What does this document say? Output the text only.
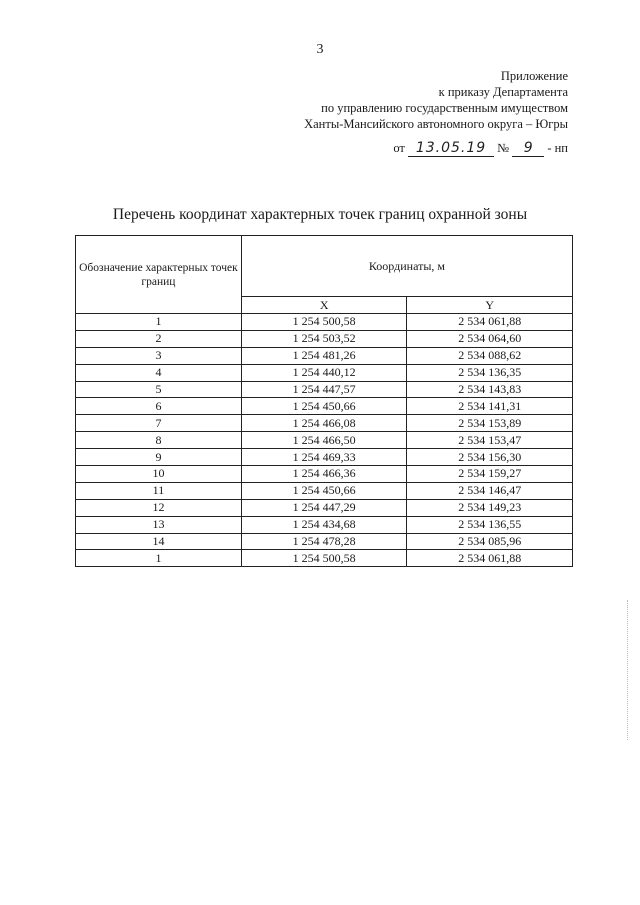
3
Приложение
к приказу Департамента
по управлению государственным имуществом
Ханты-Мансийского автономного округа – Югры
от 13.05.19 № 9 - нп
Перечень координат характерных точек границ охранной зоны
Обозначение характерных точек границ	Координаты, м	
	X	Y
1	1 254 500,58	2 534 061,88
2	1 254 503,52	2 534 064,60
3	1 254 481,26	2 534 088,62
4	1 254 440,12	2 534 136,35
5	1 254 447,57	2 534 143,83
6	1 254 450,66	2 534 141,31
7	1 254 466,08	2 534 153,89
8	1 254 466,50	2 534 153,47
9	1 254 469,33	2 534 156,30
10	1 254 466,36	2 534 159,27
11	1 254 450,66	2 534 146,47
12	1 254 447,29	2 534 149,23
13	1 254 434,68	2 534 136,55
14	1 254 478,28	2 534 085,96
1	1 254 500,58	2 534 061,88
